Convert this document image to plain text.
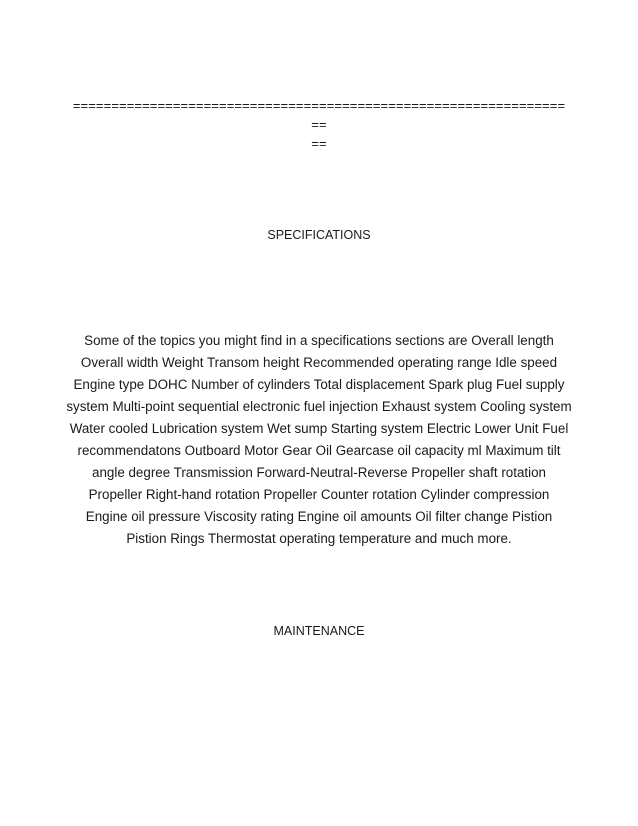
==================================================================
==
SPECIFICATIONS
Some of the topics you might find in a specifications sections are Overall length Overall width Weight Transom height Recommended operating range Idle speed Engine type DOHC Number of cylinders Total displacement Spark plug Fuel supply system Multi-point sequential electronic fuel injection Exhaust system Cooling system Water cooled Lubrication system Wet sump Starting system Electric Lower Unit Fuel recommendatons Outboard Motor Gear Oil Gearcase oil capacity ml Maximum tilt angle degree Transmission Forward-Neutral-Reverse Propeller shaft rotation Propeller Right-hand rotation Propeller Counter rotation Cylinder compression Engine oil pressure Viscosity rating Engine oil amounts Oil filter change Pistion Pistion Rings Thermostat operating temperature and much more.
MAINTENANCE
